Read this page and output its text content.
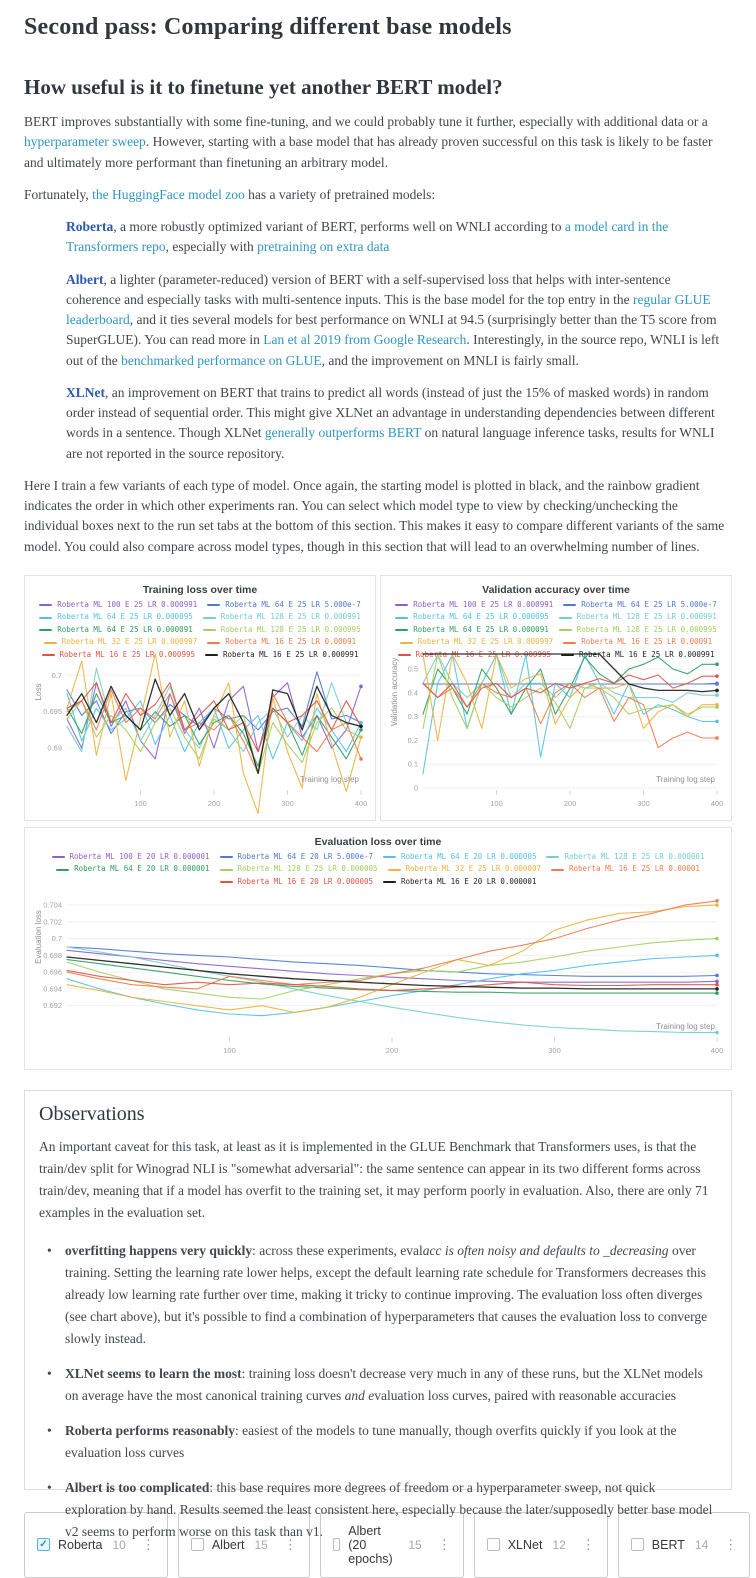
Second pass: Comparing different base models
How useful is it to finetune yet another BERT model?

BERT improves substantially with some fine-tuning, and we could probably tune it further, especially with additional data or a hyperparameter sweep. However, starting with a base model that has already proven successful on this task is likely to be faster and ultimately more performant than finetuning an arbitrary model.

Fortunately, the HuggingFace model zoo has a variety of pretrained models:

Roberta, a more robustly optimized variant of BERT, performs well on WNLI according to a model card in the Transformers repo, especially with pretraining on extra data
Albert, a lighter (parameter-reduced) version of BERT with a self-supervised loss that helps with inter-sentence coherence and especially tasks with multi-sentence inputs. This is the base model for the top entry in the regular GLUE leaderboard, and it ties several models for best performance on WNLI at 94.5 (surprisingly better than the T5 score from SuperGLUE). You can read more in Lan et al 2019 from Google Research. Interestingly, in the source repo, WNLI is left out of the benchmarked performance on GLUE, and the improvement on MNLI is fairly small.
XLNet, an improvement on BERT that trains to predict all words (instead of just the 15% of masked words) in random order instead of sequential order. This might give XLNet an advantage in understanding dependencies between different words in a sentence. Though XLNet generally outperforms BERT on natural language inference tasks, results for WNLI are not reported in the source repository.

Here I train a few variants of each type of model. Once again, the starting model is plotted in black, and the rainbow gradient indicates the order in which other experiments ran. You can select which model type to view by checking/unchecking the individual boxes next to the run set tabs at the bottom of this section. This makes it easy to compare different variants of the same model. You could also compare across model types, though in this section that will lead to an overwhelming number of lines.

Training loss over time
Roberta ML 100 E 25 LR 0.000991	Roberta ML 64 E 25 LR 5.000e-7
Roberta ML 64 E 25 LR 0.000095	Roberta ML 128 E 25 LR 0.000991
Roberta ML 64 E 25 LR 0.000091	Roberta ML 128 E 25 LR 0.000995
Roberta ML 32 E 25 LR 0.000997	Roberta ML 16 E 25 LR 0.00091
Roberta ML 16 E 25 LR 0.000995	Roberta ML 16 E 25 LR 0.000991
0.69
0.695
0.7
100	200	300	400
Training log step
Loss
Validation accuracy over time
Roberta ML 100 E 25 LR 0.000991	Roberta ML 64 E 25 LR 5.000e-7
Roberta ML 64 E 25 LR 0.000095	Roberta ML 128 E 25 LR 0.000991
Roberta ML 64 E 25 LR 0.000091	Roberta ML 128 E 25 LR 0.000995
Roberta ML 32 E 25 LR 0.000997	Roberta ML 16 E 25 LR 0.00091
Roberta ML 16 E 25 LR 0.000995	Roberta ML 16 E 25 LR 0.000991
0
0.1
0.2
0.3
0.4
0.5
100	200	300	400
Training log step
Validation accuracy
Evaluation loss over time
Roberta ML 100 E 20 LR 0.000001	Roberta ML 64 E 20 LR 5.000e-7	Roberta ML 64 E 20 LR 0.000005	Roberta ML 128 E 25 LR 0.000001
Roberta ML 64 E 20 LR 0.000001	Roberta ML 128 E 25 LR 0.000005	Roberta ML 32 E 25 LR 0.000007	Roberta ML 16 E 25 LR 0.00001
Roberta ML 16 E 20 LR 0.000005	Roberta ML 16 E 20 LR 0.000001
0.692
0.694
0.696
0.698
0.7
0.702
0.704
100	200	300	400
Training log step
Evaluation loss
Observations

An important caveat for this task, at least as it is implemented in the GLUE Benchmark that Transformers uses, is that the train/dev split for Winograd NLI is "somewhat adversarial": the same sentence can appear in its two different forms across train/dev, meaning that if a model has overfit to the training set, it may perform poorly in evaluation. Also, there are only 71 examples in the evaluation set.

• overfitting happens very quickly: across these experiments, evalacc is often noisy and defaults to _decreasing over training. Setting the learning rate lower helps, except the default learning rate schedule for Transformers decreases this already low learning rate further over time, making it tricky to continue improving. The evaluation loss often diverges (see chart above), but it's possible to find a combination of hyperparameters that causes the evaluation loss to converge slowly instead.
• XLNet seems to learn the most: training loss doesn't decrease very much in any of these runs, but the XLNet models on average have the most canonical training curves and evaluation loss curves, paired with reasonable accuracies
• Roberta performs reasonably: easiest of the models to tune manually, though overfits quickly if you look at the evaluation loss curves
• Albert is too complicated: this base requires more degrees of freedom or a hyperparameter sweep, not quick exploration by hand. Results seemed the least consistent here, especially because the later/supposedly better base model v2 seems to perform worse on this task than v1.
✓ Roberta 10 ⋮	Albert 15 ⋮
Albert (20 epochs)
15 ⋮	XLNet 12 ⋮	BERT 14 ⋮
